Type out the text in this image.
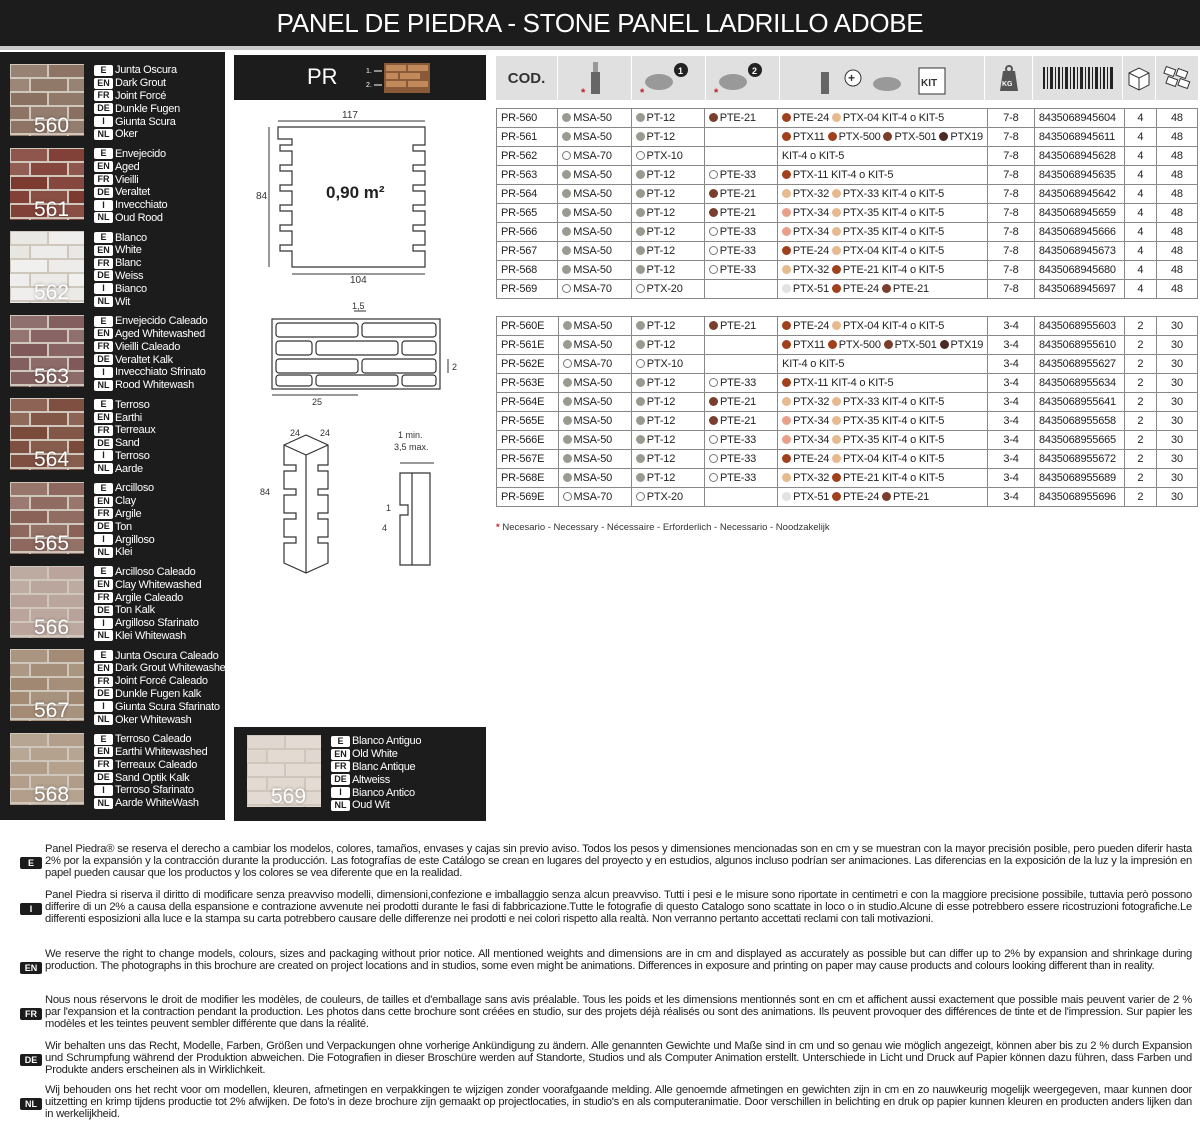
PANEL DE PIEDRA - STONE PANEL LADRILLO ADOBE
560
E Junta Oscura
EN Dark Grout
FR Joint Forcé
DE Dunkle Fugen
I Giunta Scura
NL Oker
561
E Envejecido
EN Aged
FR Vieilli
DE Veraltet
I Invecchiato
NL Oud Rood
562
E Blanco
EN White
FR Blanc
DE Weiss
I Bianco
NL Wit
563
E Envejecido Caleado
EN Aged Whitewashed
FR Vieilli Caleado
DE Veraltet Kalk
I Invecchiato Sfrinato
NL Rood Whitewash
564
E Terroso
EN Earthi
FR Terreaux
DE Sand
I Terroso
NL Aarde
565
E Arcilloso
EN Clay
FR Argile
DE Ton
I Argilloso
NL Klei
566
E Arcilloso Caleado
EN Clay Whitewashed
FR Argile Caleado
DE Ton Kalk
I Argilloso Sfarinato
NL Klei Whitewash
567
E Junta Oscura Caleado
EN Dark Grout Whitewashed
FR Joint Forcé Caleado
DE Dunkle Fugen kalk
I Giunta Scura Sfarinato
NL Oker Whitewash
568
E Terroso Caleado
EN Earthi Whitewashed
FR Terreaux Caleado
DE Sand Optik Kalk
I Terroso Sfarinato
NL Aarde WhiteWash
PR	1.
2.
117
104
84	0,90 m²
1,5
25
2
24 24
84
1 min.
3,5 max.
1
4
569
E Blanco Antiguo
EN Old White
FR Blanc Antique
DE Altweiss
I Bianco Antico
NL Oud Wit
COD.
*
1
*
2
*
+	KIT	KG
PR-560	MSA-50	PT-12	PTE-21	PTE-24 PTX-04 KIT-4 o KIT-5	7-8	8435068945604	4	48
PR-561	MSA-50	PT-12		PTX11 PTX-500 PTX-501 PTX19	7-8	8435068945611	4	48
PR-562	MSA-70	PTX-10		KIT-4 o KIT-5	7-8	8435068945628	4	48
PR-563	MSA-50	PT-12	PTE-33	PTX-11 KIT-4 o KIT-5	7-8	8435068945635	4	48
PR-564	MSA-50	PT-12	PTE-21	PTX-32 PTX-33 KIT-4 o KIT-5	7-8	8435068945642	4	48
PR-565	MSA-50	PT-12	PTE-21	PTX-34 PTX-35 KIT-4 o KIT-5	7-8	8435068945659	4	48
PR-566	MSA-50	PT-12	PTE-33	PTX-34 PTX-35 KIT-4 o KIT-5	7-8	8435068945666	4	48
PR-567	MSA-50	PT-12	PTE-33	PTE-24 PTX-04 KIT-4 o KIT-5	7-8	8435068945673	4	48
PR-568	MSA-50	PT-12	PTE-33	PTX-32 PTE-21 KIT-4 o KIT-5	7-8	8435068945680	4	48
PR-569	MSA-70	PTX-20		PTX-51 PTE-24 PTE-21	7-8	8435068945697	4	48
PR-560E	MSA-50	PT-12	PTE-21	PTE-24 PTX-04 KIT-4 o KIT-5	3-4	8435068955603	2	30
PR-561E	MSA-50	PT-12		PTX11 PTX-500 PTX-501 PTX19	3-4	8435068955610	2	30
PR-562E	MSA-70	PTX-10		KIT-4 o KIT-5	3-4	8435068955627	2	30
PR-563E	MSA-50	PT-12	PTE-33	PTX-11 KIT-4 o KIT-5	3-4	8435068955634	2	30
PR-564E	MSA-50	PT-12	PTE-21	PTX-32 PTX-33 KIT-4 o KIT-5	3-4	8435068955641	2	30
PR-565E	MSA-50	PT-12	PTE-21	PTX-34 PTX-35 KIT-4 o KIT-5	3-4	8435068955658	2	30
PR-566E	MSA-50	PT-12	PTE-33	PTX-34 PTX-35 KIT-4 o KIT-5	3-4	8435068955665	2	30
PR-567E	MSA-50	PT-12	PTE-33	PTE-24 PTX-04 KIT-4 o KIT-5	3-4	8435068955672	2	30
PR-568E	MSA-50	PT-12	PTE-33	PTX-32 PTE-21 KIT-4 o KIT-5	3-4	8435068955689	2	30
PR-569E	MSA-70	PTX-20		PTX-51 PTE-24 PTE-21	3-4	8435068955696	2	30
* Necesario - Necessary - Nécessaire - Erforderlich - Necessario - Noodzakelijk
E

Panel Piedra® se reserva el derecho a cambiar los modelos, colores, tamaños, envases y cajas sin previo aviso. Todos los pesos y dimensiones mencionadas son en cm y se muestran con la mayor precisión posible, pero pueden diferir hasta 2% por la expansión y la contracción durante la producción. Las fotografías de este Catálogo se crean en lugares del proyecto y en estudios, algunos incluso podrían ser animaciones. Las diferencias en la exposición de la luz y la impresión en papel pueden causar que los productos y los colores se vea diferente que en la realidad.

I

Panel Piedra si riserva il diritto di modificare senza preavviso modelli, dimensioni,confezione e imballaggio senza alcun preavviso. Tutti i pesi e le misure sono riportate in centimetri e con la maggiore precisione possibile, tuttavia però possono differire di un 2% a causa della espansione e contrazione avvenute nei prodotti durante le fasi di fabbricazione.Tutte le fotografie di questo Catalogo sono scattate in loco o in studio.Alcune di esse potrebbero essere ricostruzioni fotografiche.Le differenti esposizioni alla luce e la stampa su carta potrebbero causare delle differenze nei prodotti e nei colori rispetto alla realtà. Non verranno pertanto accettati reclami con tali motivazioni.

EN

We reserve the right to change models, colours, sizes and packaging without prior notice. All mentioned weights and dimensions are in cm and displayed as accurately as possible but can differ up to 2% by expansion and shrinkage during production. The photographs in this brochure are created on project locations and in studios, some even might be animations. Differences in exposure and printing on paper may cause products and colours looking different than in reality.

FR

Nous nous réservons le droit de modifier les modèles, de couleurs, de tailles et d'emballage sans avis préalable. Tous les poids et les dimensions mentionnés sont en cm et affichent aussi exactement que possible mais peuvent varier de 2 % par l'expansion et la contraction pendant la production. Les photos dans cette brochure sont créées en studio, sur des projets déjà réalisés ou sont des animations. Ils peuvent provoquer des différences de tinte et de l'impression. Sur papier les modèles et les teintes peuvent sembler différente que dans la réalité.

DE

Wir behalten uns das Recht, Modelle, Farben, Größen und Verpackungen ohne vorherige Ankündigung zu ändern. Alle genannten Gewichte und Maße sind in cm und so genau wie möglich angezeigt, können aber bis zu 2 % durch Expansion und Schrumpfung während der Produktion abweichen. Die Fotografien in dieser Broschüre werden auf Standorte, Studios und als Computer Animation erstellt. Unterschiede in Licht und Druck auf Papier können dazu führen, dass Farben und Produkte anders erscheinen als in Wirklichkeit.

NL

Wij behouden ons het recht voor om modellen, kleuren, afmetingen en verpakkingen te wijzigen zonder voorafgaande melding. Alle genoemde afmetingen en gewichten zijn in cm en zo nauwkeurig mogelijk weergegeven, maar kunnen door uitzetting en krimp tijdens productie tot 2% afwijken. De foto's in deze brochure zijn gemaakt op projectlocaties, in studio's en als computeranimatie. Door verschillen in belichting en druk op papier kunnen kleuren en producten anders lijken dan in werkelijkheid.
